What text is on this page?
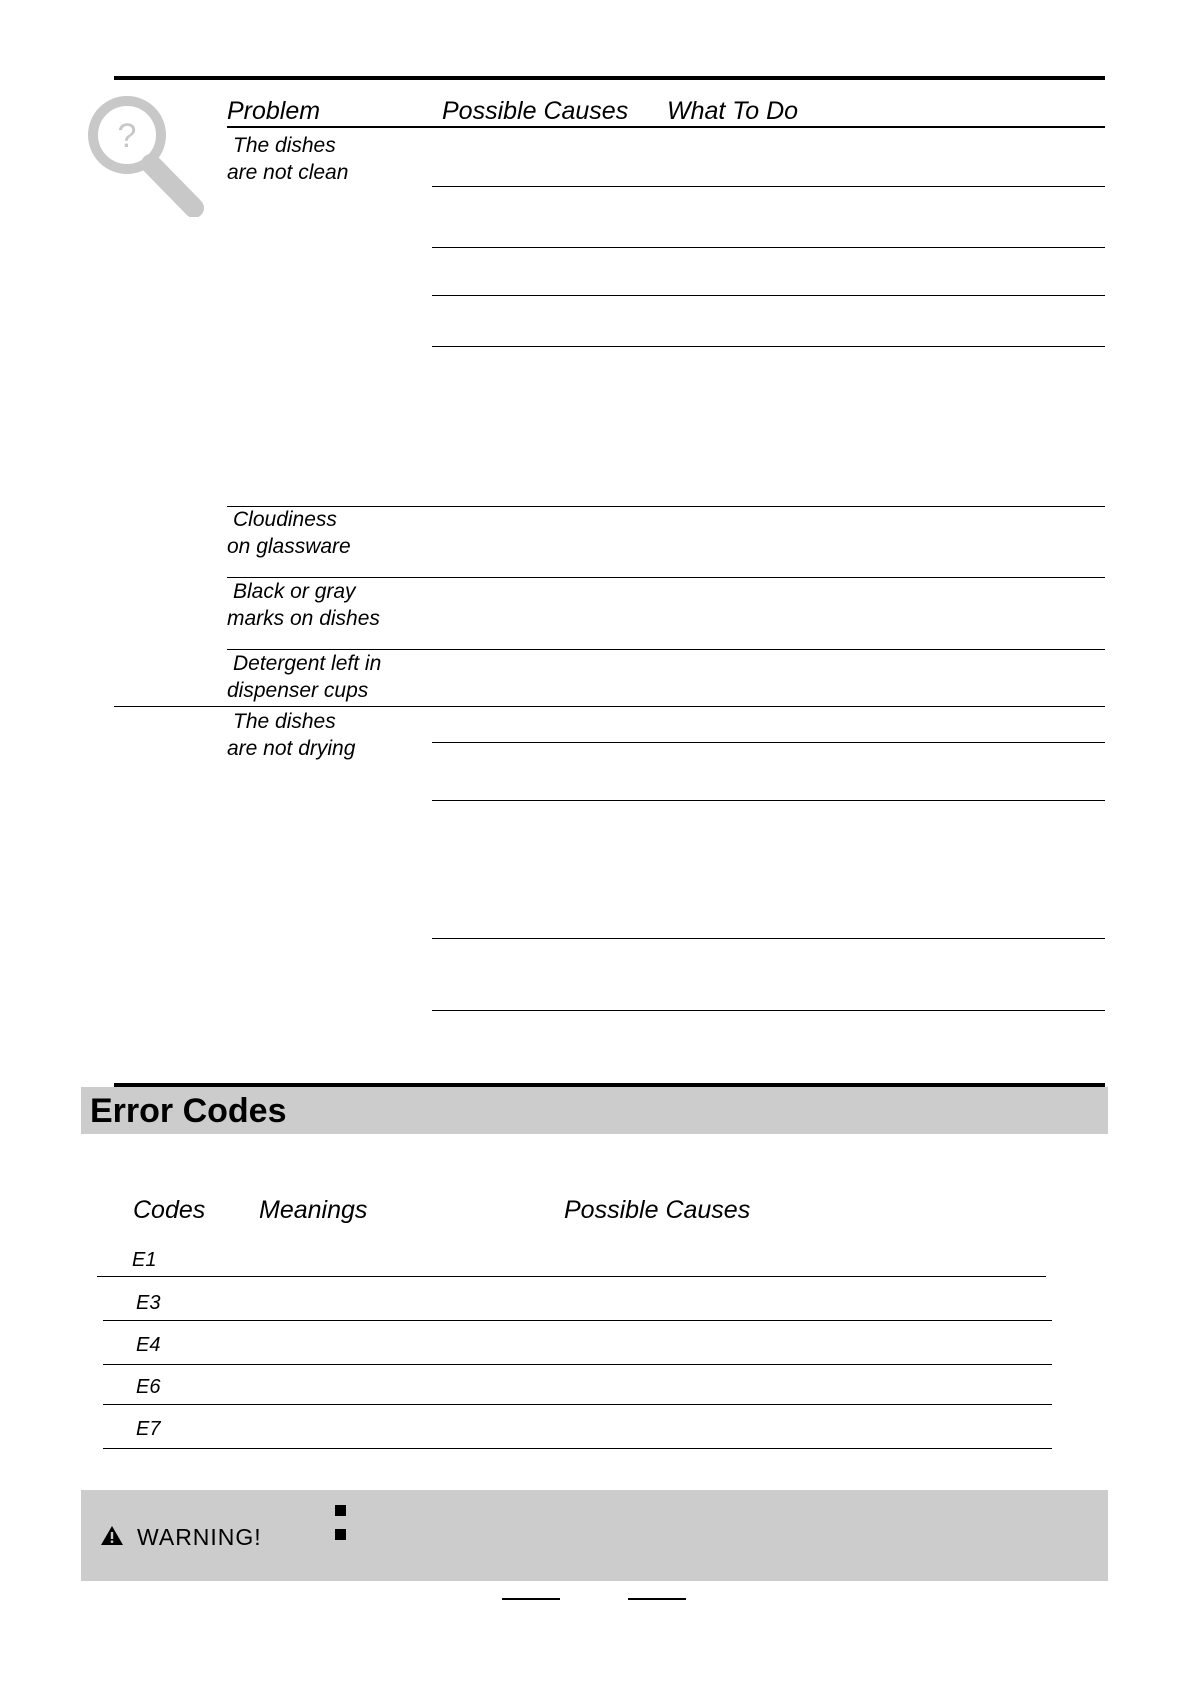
?
Problem	Possible Causes What To Do
The dishes
are not clean
Cloudiness
on glassware
Black or gray
marks on dishes
Detergent left in
dispenser cups
The dishes
are not drying
Error Codes
Codes Meanings	Possible Causes
E1
E3
E4
E6
E7
WARNING!
